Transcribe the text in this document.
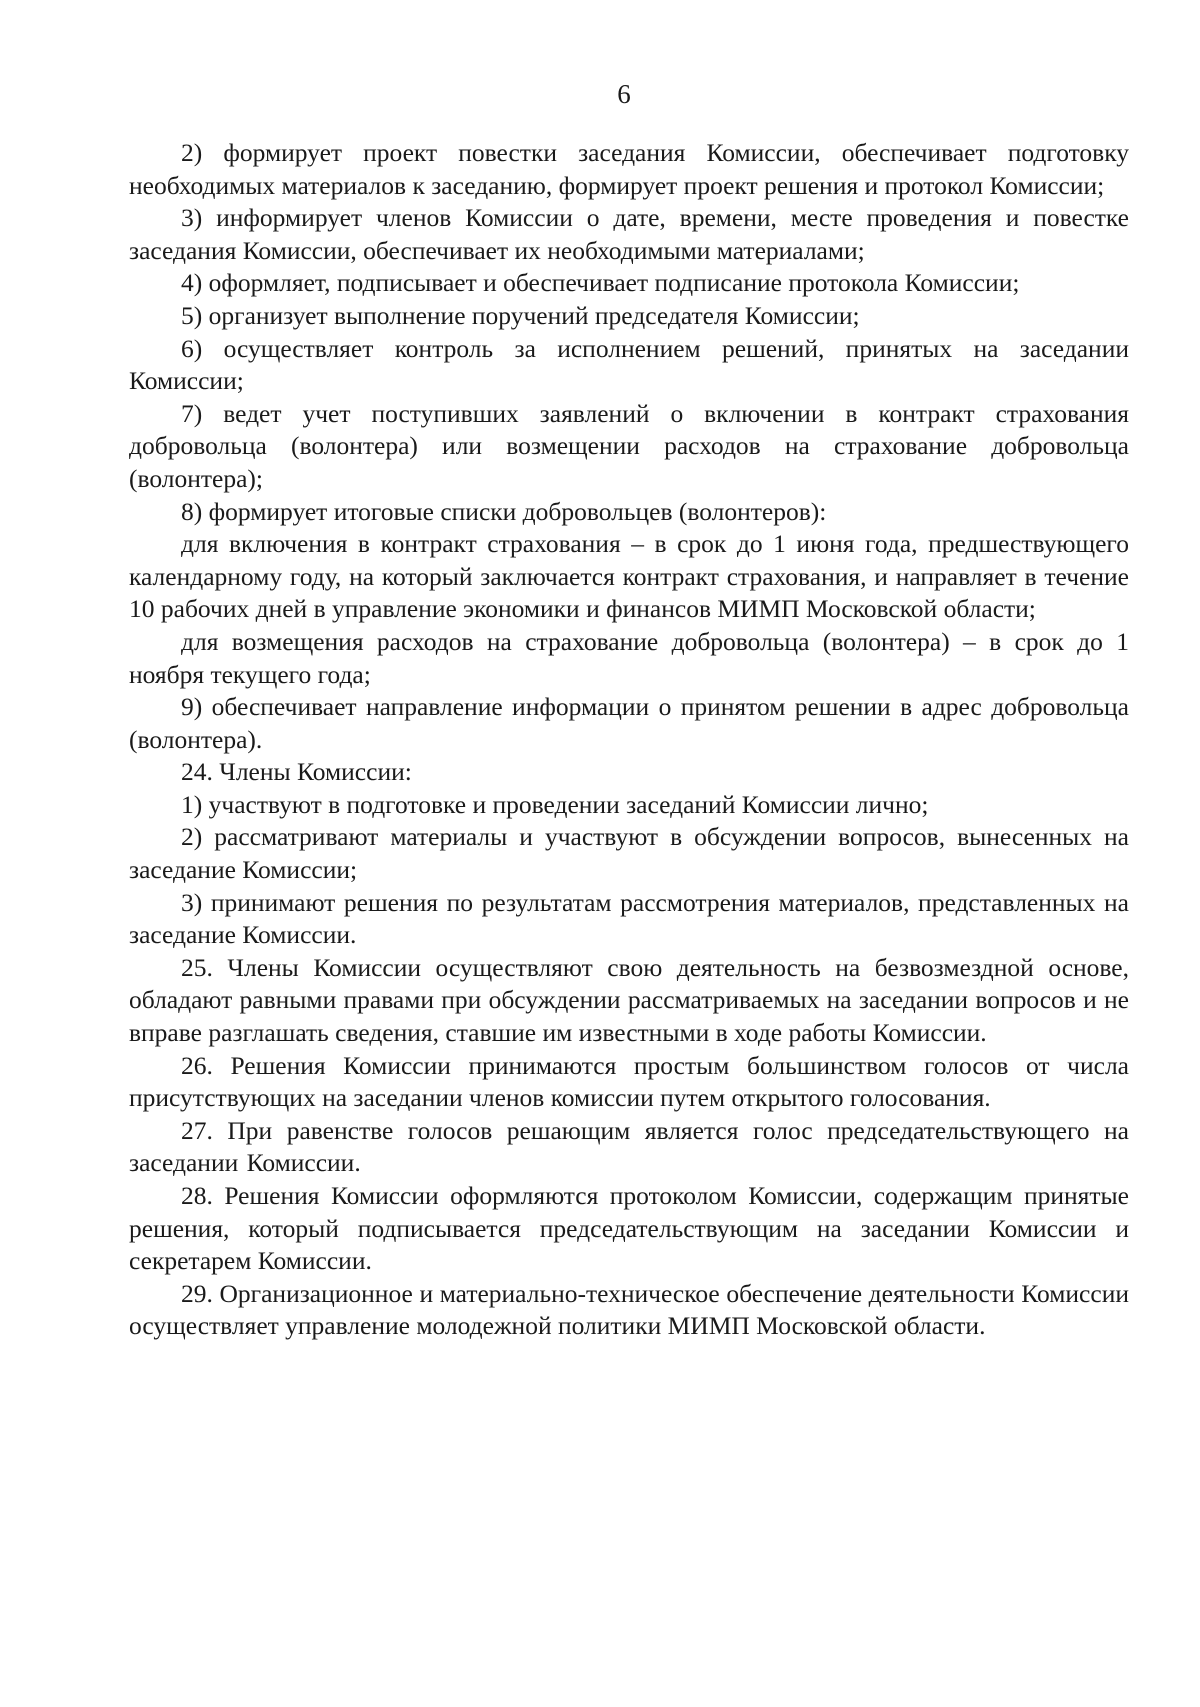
6

2) формирует проект повестки заседания Комиссии, обеспечивает подготовку необходимых материалов к заседанию, формирует проект решения и протокол Комиссии;

3) информирует членов Комиссии о дате, времени, месте проведения и повестке заседания Комиссии, обеспечивает их необходимыми материалами;

4) оформляет, подписывает и обеспечивает подписание протокола Комиссии;

5) организует выполнение поручений председателя Комиссии;

6) осуществляет контроль за исполнением решений, принятых на заседании Комиссии;

7) ведет учет поступивших заявлений о включении в контракт страхования добровольца (волонтера) или возмещении расходов на страхование добровольца (волонтера);

8) формирует итоговые списки добровольцев (волонтеров):

для включения в контракт страхования – в срок до 1 июня года, предшествующего календарному году, на который заключается контракт страхования, и направляет в течение 10 рабочих дней в управление экономики и финансов МИМП Московской области;

для возмещения расходов на страхование добровольца (волонтера) – в срок до 1 ноября текущего года;

9) обеспечивает направление информации о принятом решении в адрес добровольца (волонтера).

24. Члены Комиссии:

1) участвуют в подготовке и проведении заседаний Комиссии лично;

2) рассматривают материалы и участвуют в обсуждении вопросов, вынесенных на заседание Комиссии;

3) принимают решения по результатам рассмотрения материалов, представленных на заседание Комиссии.

25. Члены Комиссии осуществляют свою деятельность на безвозмездной основе, обладают равными правами при обсуждении рассматриваемых на заседании вопросов и не вправе разглашать сведения, ставшие им известными в ходе работы Комиссии.

26. Решения Комиссии принимаются простым большинством голосов от числа присутствующих на заседании членов комиссии путем открытого голосования.

27. При равенстве голосов решающим является голос председательствующего на заседании Комиссии.

28. Решения Комиссии оформляются протоколом Комиссии, содержащим принятые решения, который подписывается председательствующим на заседании Комиссии и секретарем Комиссии.

29. Организационное и материально-техническое обеспечение деятельности Комиссии осуществляет управление молодежной политики МИМП Московской области.
